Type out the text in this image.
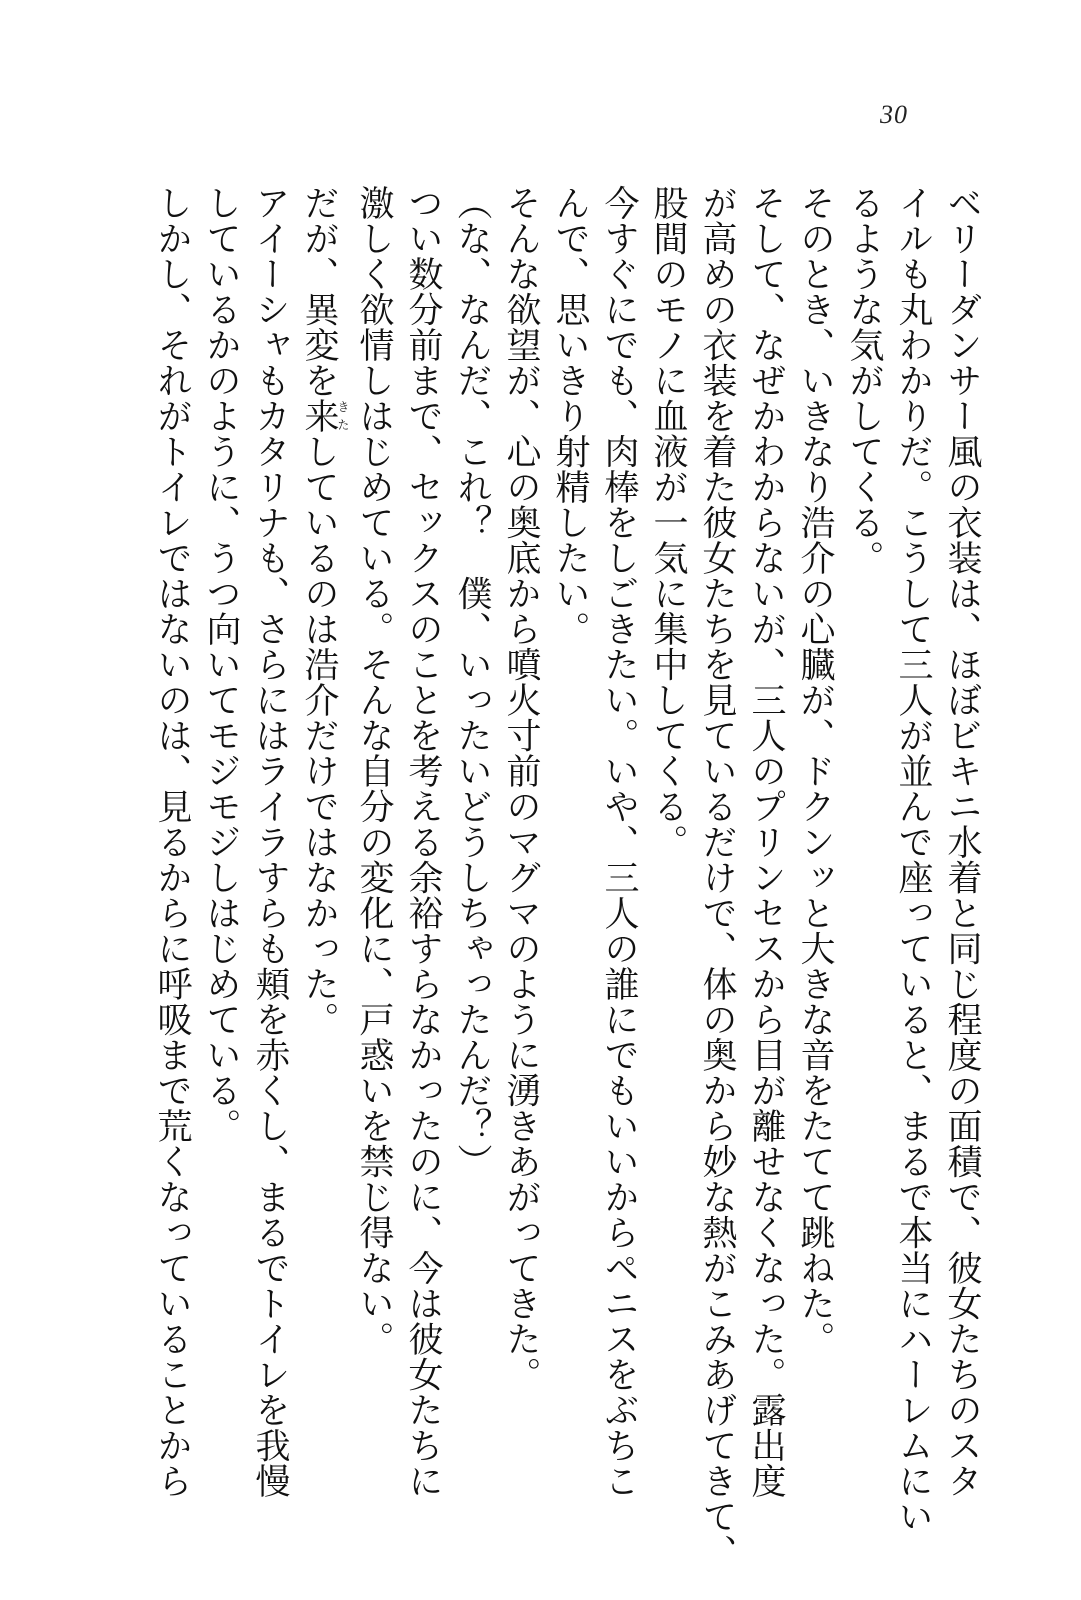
30
ベリーダンサー風の衣装は、ほぼビキニ水着と同じ程度の面積で、彼女たちのスタ
イルも丸わかりだ。こうして三人が並んで座っていると、まるで本当にハーレムにい
るような気がしてくる。
そのとき、いきなり浩介の心臓が、ドクンッと大きな音をたてて跳ねた。
そして、なぜかわからないが、三人のプリンセスから目が離せなくなった。露出度
が高めの衣装を着た彼女たちを見ているだけで、体の奥から妙な熱がこみあげてきて、
股間のモノに血液が一気に集中してくる。
今すぐにでも、肉棒をしごきたい。いや、三人の誰にでもいいからペニスをぶちこ
んで、思いきり射精したい。
そんな欲望が、心の奥底から噴火寸前のマグマのように湧きあがってきた。
（な、なんだ、これ？　僕、いったいどうしちゃったんだ？）
つい数分前まで、セックスのことを考える余裕すらなかったのに、今は彼女たちに
激しく欲情しはじめている。そんな自分の変化に、戸惑いを禁じ得ない。
だが、異変を来きたしているのは浩介だけではなかった。
アイーシャもカタリナも、さらにはライラすらも頬を赤くし、まるでトイレを我慢
しているかのように、うつ向いてモジモジしはじめている。
しかし、それがトイレではないのは、見るからに呼吸まで荒くなっていることから
